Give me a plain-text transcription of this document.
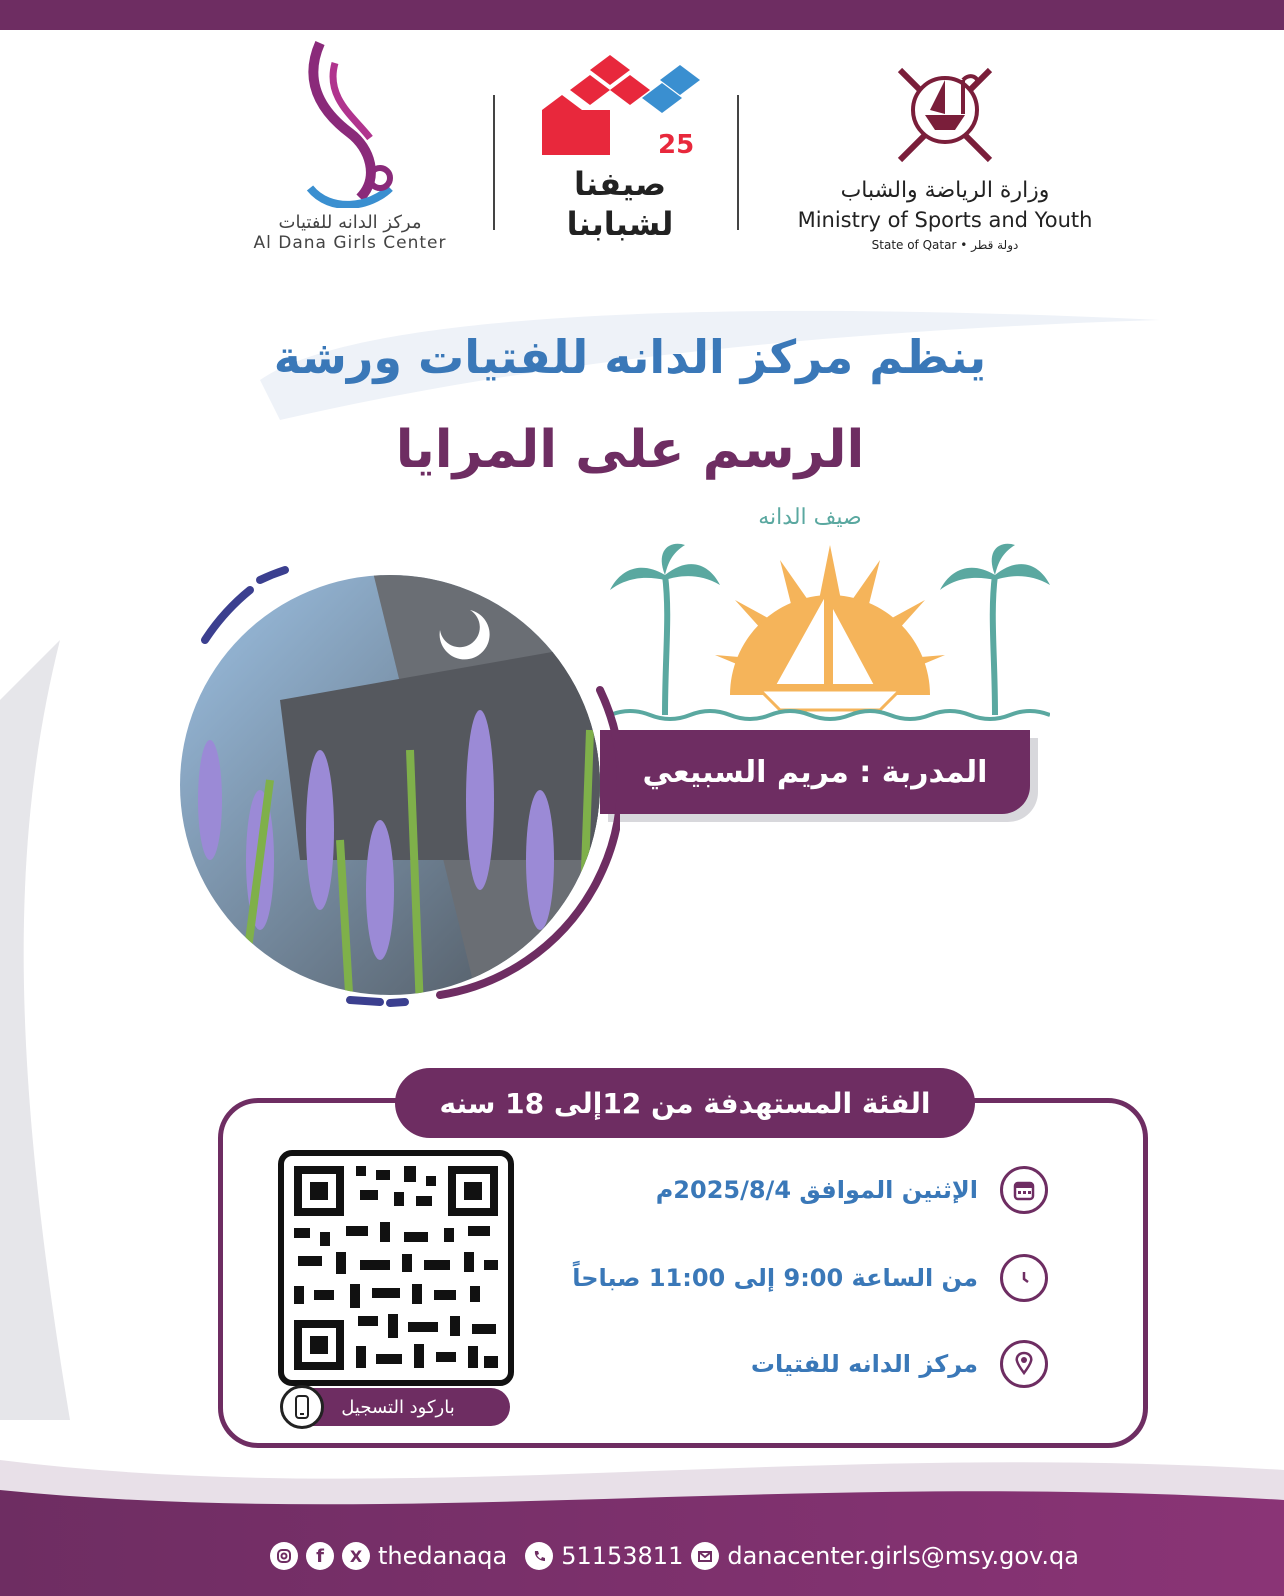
مركز الدانه للفتيات
Al Dana Girls Center
25
صيفنا
لشبابنا
وزارة الرياضة والشباب
Ministry of Sports and Youth
State of Qatar • دولة قطر
ينظم مركز الدانه للفتيات ورشة
الرسم على المرايا
صيف الدانه
المدربة : مريم السبيعي
الفئة المستهدفة من 12إلى 18 سنه
الإثنين الموافق 2025/8/4م
من الساعة 9:00 إلى 11:00 صباحاً
مركز الدانه للفتيات
باركود التسجيل
f	X thedanaqa 51153811 danacenter.girls@msy.gov.qa
